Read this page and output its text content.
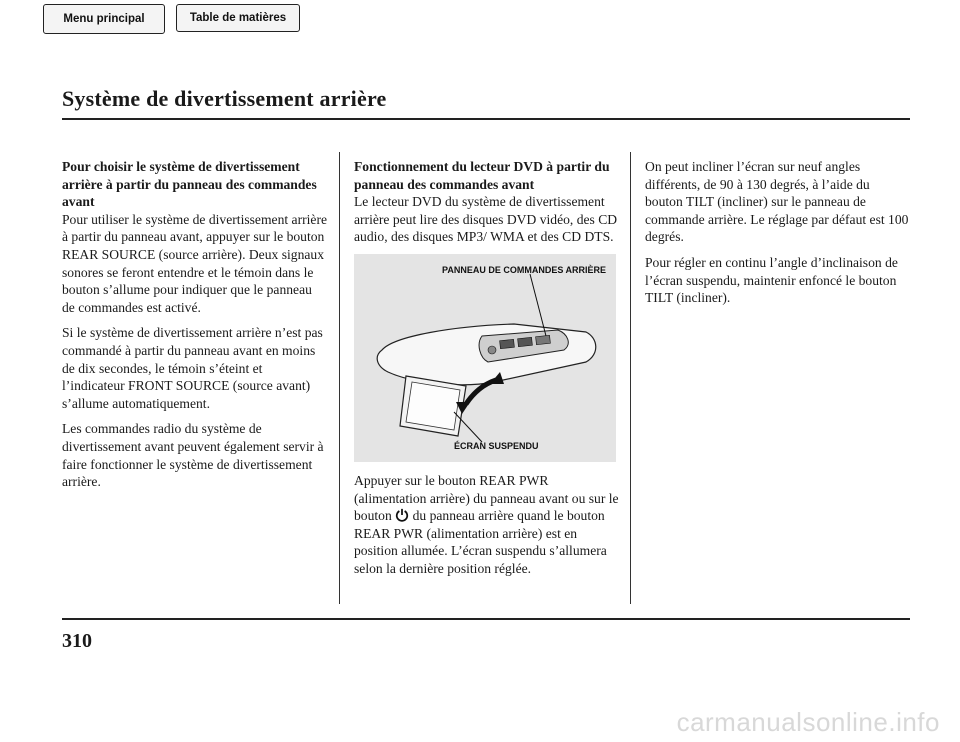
Menu principal	Table de matières
Système de divertissement arrière
Pour choisir le système de divertissement arrière à partir du panneau des commandes avant

Pour utiliser le système de divertissement arrière à partir du panneau avant, appuyer sur le bouton REAR SOURCE (source arrière). Deux signaux sonores se feront entendre et le témoin dans le bouton s’allume pour indiquer que le panneau de commandes est activé.

Si le système de divertissement arrière n’est pas commandé à partir du panneau avant en moins de dix secondes, le témoin s’éteint et l’indicateur FRONT SOURCE (source avant) s’allume automatiquement.

Les commandes radio du système de divertissement avant peuvent également servir à faire fonctionner le système de divertissement arrière.

Fonctionnement du lecteur DVD à partir du panneau des commandes avant

Le lecteur DVD du système de divertissement arrière peut lire des disques DVD vidéo, des CD audio, des disques MP3/ WMA et des CD DTS.

PANNEAU DE COMMANDES ARRIÈRE
ÉCRAN SUSPENDU

Appuyer sur le bouton REAR PWR (alimentation arrière) du panneau avant ou sur le bouton du panneau arrière quand le bouton REAR PWR (alimentation arrière) est en position allumée. L’écran suspendu s’allumera selon la dernière position réglée.

On peut incliner l’écran sur neuf angles différents, de 90 à 130 degrés, à l’aide du bouton TILT (incliner) sur le panneau de commande arrière. Le réglage par défaut est 100 degrés.

Pour régler en continu l’angle d’inclinaison de l’écran suspendu, maintenir enfoncé le bouton TILT (incliner).

310
carmanualsonline.info
